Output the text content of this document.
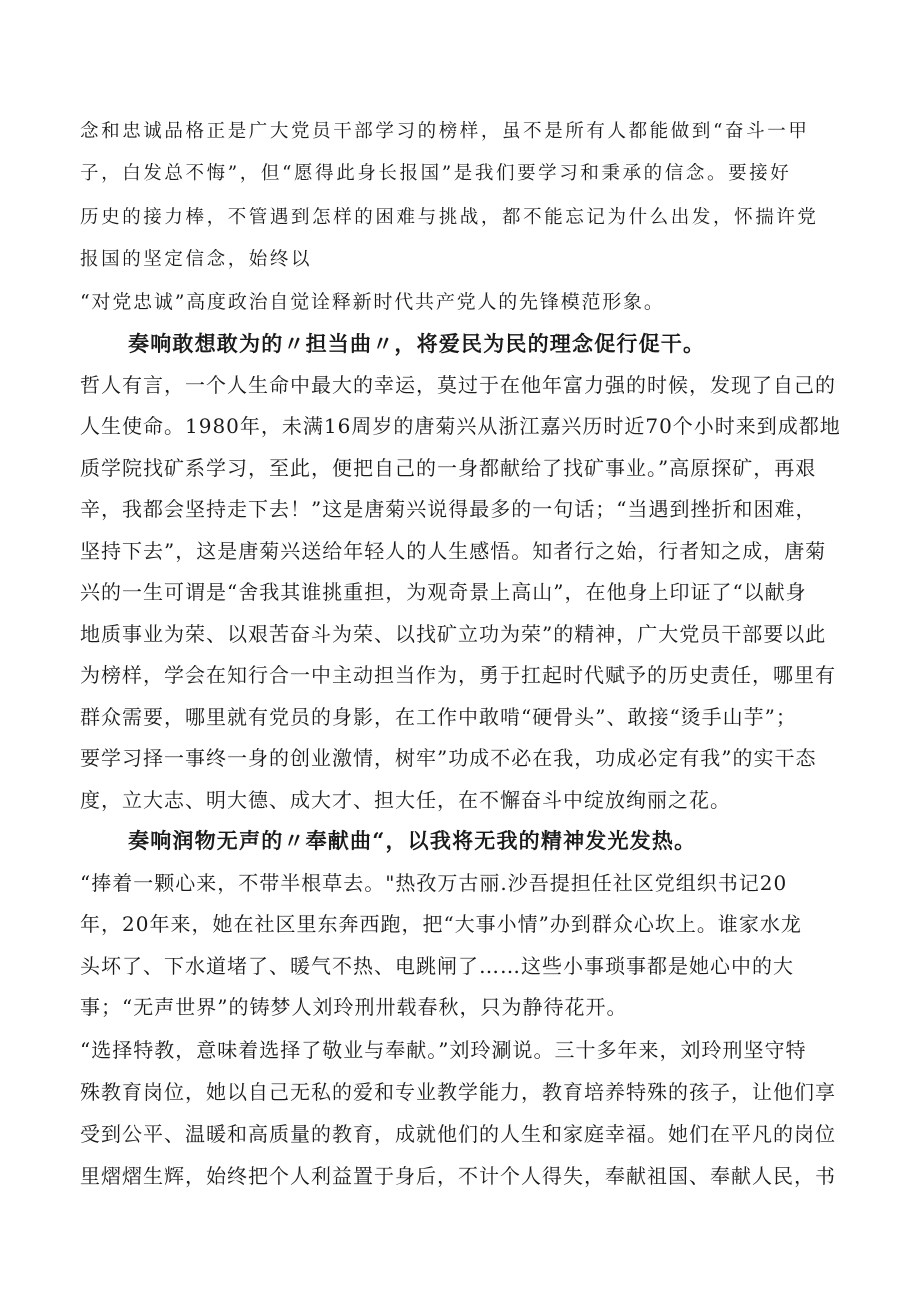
念和忠诚品格正是广大党员干部学习的榜样，虽不是所有人都能做到“奋斗一甲
子，白发总不悔”，但“愿得此身长报国”是我们要学习和秉承的信念。要接好
历史的接力棒，不管遇到怎样的困难与挑战，都不能忘记为什么出发，怀揣许党
报国的坚定信念，始终以
“对党忠诚”高度政治自觉诠释新时代共产党人的先锋模范形象。
奏响敢想敢为的〃担当曲〃，将爱民为民的理念促行促干。
哲人有言，一个人生命中最大的幸运，莫过于在他年富力强的时候，发现了自己的
人生使命。1980年，未满16周岁的唐菊兴从浙江嘉兴历时近70个小时来到成都地
质学院找矿系学习，至此，便把自己的一身都献给了找矿事业。”高原探矿，再艰
辛，我都会坚持走下去！”这是唐菊兴说得最多的一句话；“当遇到挫折和困难，
坚持下去”，这是唐菊兴送给年轻人的人生感悟。知者行之始，行者知之成，唐菊
兴的一生可谓是“舍我其谁挑重担，为观奇景上高山”，在他身上印证了“以献身
地质事业为荣、以艰苦奋斗为荣、以找矿立功为荣”的精神，广大党员干部要以此
为榜样，学会在知行合一中主动担当作为，勇于扛起时代赋予的历史责任，哪里有
群众需要，哪里就有党员的身影，在工作中敢啃“硬骨头”、敢接“烫手山芋”；
要学习择一事终一身的创业激情，树牢”功成不必在我，功成必定有我”的实干态
度，立大志、明大德、成大才、担大任，在不懈奋斗中绽放绚丽之花。
奏响润物无声的〃奉献曲“，以我将无我的精神发光发热。
“捧着一颗心来，不带半根草去。"热孜万古丽.沙吾提担任社区党组织书记20
年，20年来，她在社区里东奔西跑，把“大事小情”办到群众心坎上。谁家水龙
头坏了、下水道堵了、暖气不热、电跳闸了……这些小事琐事都是她心中的大
事；“无声世界”的铸梦人刘玲刑卅载春秋，只为静待花开。
“选择特教，意味着选择了敬业与奉献。”刘玲涮说。三十多年来，刘玲刑坚守特
殊教育岗位，她以自己无私的爱和专业教学能力，教育培养特殊的孩子，让他们享
受到公平、温暖和高质量的教育，成就他们的人生和家庭幸福。她们在平凡的岗位
里熠熠生辉，始终把个人利益置于身后，不计个人得失，奉献祖国、奉献人民，书
